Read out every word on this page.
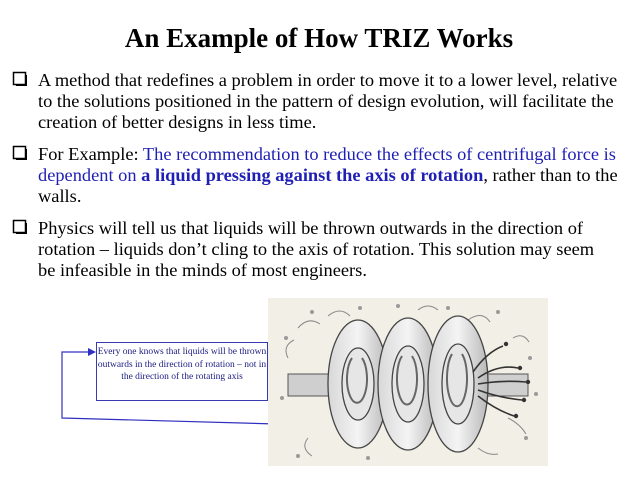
An Example of How TRIZ Works
A method that redefines a problem in order to move it to a lower level, relative to the solutions positioned in the pattern of design evolution, will facilitate the creation of better designs in less time.
For Example: The recommendation to reduce the effects of centrifugal force is dependent on a liquid pressing against the axis of rotation, rather than to the walls.
Physics will tell us that liquids will be thrown outwards in the direction of rotation – liquids don’t cling to the axis of rotation. This solution may seem be infeasible in the minds of most engineers.
Every one knows that liquids will be thrown outwards in the direction of rotation – not in the direction of the rotating axis
